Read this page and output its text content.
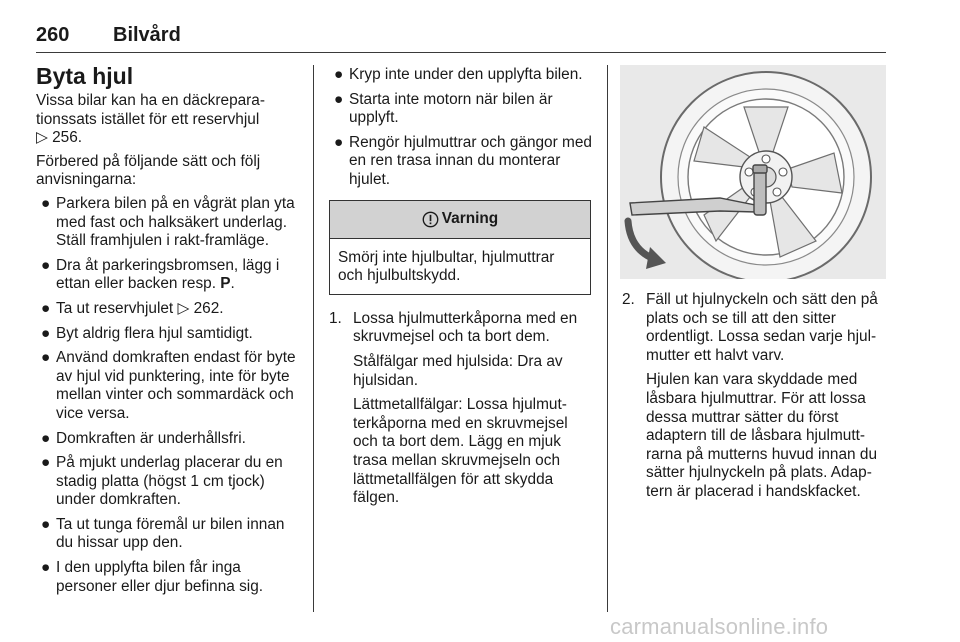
260 Bilvård
Byta hjul

Vissa bilar kan ha en däckrepara-tionssats istället för ett reservhjul
▷ 256.

Förbered på följande sätt och följ anvisningarna:

● Parkera bilen på en vågrät plan yta med fast och halksäkert underlag. Ställ framhjulen i rakt-framläge.
● Dra åt parkeringsbromsen, lägg i ettan eller backen resp. P.
● Ta ut reservhjulet ▷ 262.
● Byt aldrig flera hjul samtidigt.
● Använd domkraften endast för byte av hjul vid punktering, inte för byte mellan vinter och sommardäck och vice versa.
● Domkraften är underhållsfri.
● På mjukt underlag placerar du en stadig platta (högst 1 cm tjock) under domkraften.
● Ta ut tunga föremål ur bilen innan du hissar upp den.
● I den upplyfta bilen får inga personer eller djur befinna sig.
● Kryp inte under den upplyfta bilen.
● Starta inte motorn när bilen är upplyft.
● Rengör hjulmuttrar och gängor med en ren trasa innan du monterar hjulet.
Varning
Smörj inte hjulbultar, hjulmuttrar och hjulbultskydd.
1. Lossa hjulmutterkåporna med en skruvmejsel och ta bort dem.

Stålfälgar med hjulsida: Dra av hjulsidan.

Lättmetallfälgar: Lossa hjulmut-terkåporna med en skruvmejsel och ta bort dem. Lägg en mjuk trasa mellan skruvmejseln och lättmetallfälgen för att skydda fälgen.

2. Fäll ut hjulnyckeln och sätt den på plats och se till att den sitter ordentligt. Lossa sedan varje hjul-mutter ett halvt varv.

Hjulen kan vara skyddade med låsbara hjulmuttrar. För att lossa dessa muttrar sätter du först adaptern till de låsbara hjulmutt-rarna på mutterns huvud innan du sätter hjulnyckeln på plats. Adap-tern är placerad i handskfacket.

carmanualsonline.info
